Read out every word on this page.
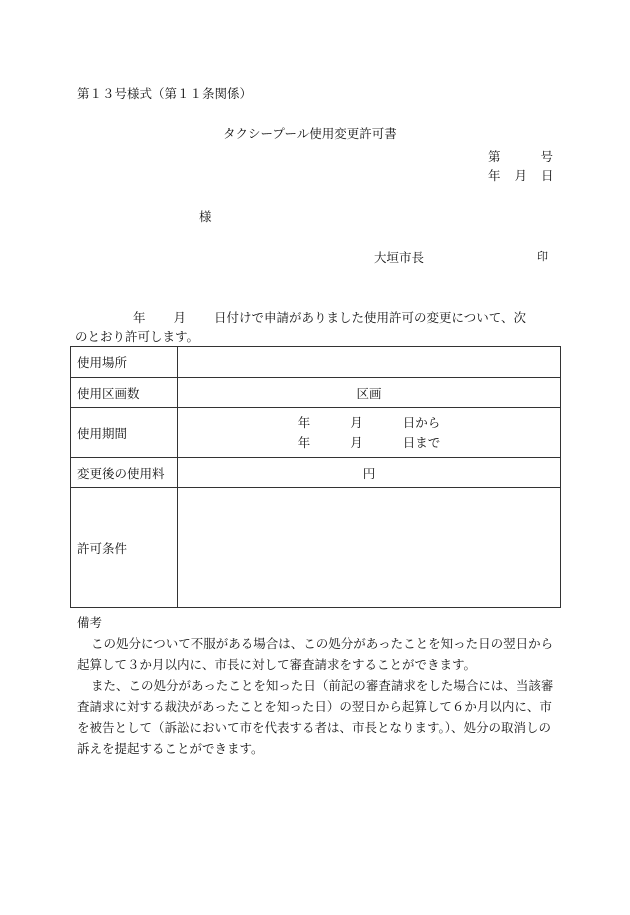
第１３号様式（第１１条関係）
タクシープール使用変更許可書
第	号
年 月 日
様
大垣市長	印
年 月 日付けで申請がありました使用許可の変更について、次
のとおり許可します。
使用場所	
使用区画数	区画
使用期間	年 月 日から
年 月 日まで

変更後の使用料	円
許可条件	

備考

この処分について不服がある場合は、この処分があったことを知った日の翌日から起算して３か月以内に、市長に対して審査請求をすることができます。

また、この処分があったことを知った日（前記の審査請求をした場合には、当該審査請求に対する裁決があったことを知った日）の翌日から起算して６か月以内に、市を被告として（訴訟において市を代表する者は、市長となります。）、処分の取消しの訴えを提起することができます。
